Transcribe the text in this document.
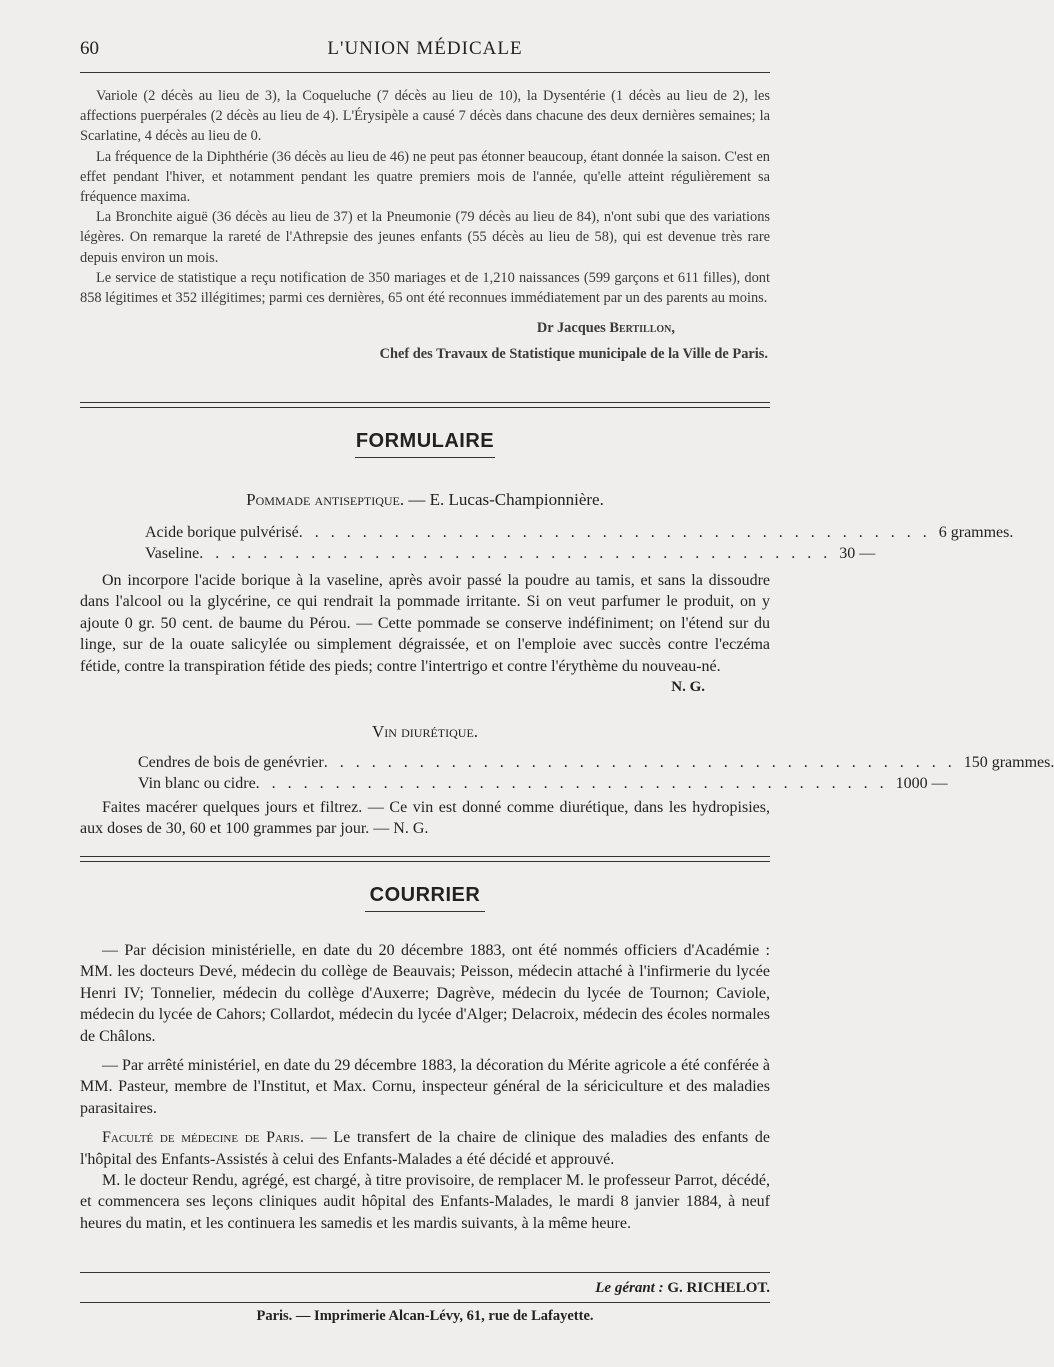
60	L'UNION MÉDICALE

Variole (2 décès au lieu de 3), la Coqueluche (7 décès au lieu de 10), la Dysentérie (1 décès au lieu de 2), les affections puerpérales (2 décès au lieu de 4). L'Érysipèle a causé 7 décès dans chacune des deux dernières semaines; la Scarlatine, 4 décès au lieu de 0.

La fréquence de la Diphthérie (36 décès au lieu de 46) ne peut pas étonner beaucoup, étant donnée la saison. C'est en effet pendant l'hiver, et notamment pendant les quatre premiers mois de l'année, qu'elle atteint régulièrement sa fréquence maxima.

La Bronchite aiguë (36 décès au lieu de 37) et la Pneumonie (79 décès au lieu de 84), n'ont subi que des variations légères. On remarque la rareté de l'Athrepsie des jeunes enfants (55 décès au lieu de 58), qui est devenue très rare depuis environ un mois.

Le service de statistique a reçu notification de 350 mariages et de 1,210 naissances (599 garçons et 611 filles), dont 858 légitimes et 352 illégitimes; parmi ces dernières, 65 ont été reconnues immédiatement par un des parents au moins.

Dr Jacques Bertillon,
Chef des Travaux de Statistique municipale de la Ville de Paris.
FORMULAIRE
Pommade antiseptique. — E. Lucas-Championnière.
Acide borique pulvérisé . . . . . . . . . . . . . . . . . . . . . . . . . . . . . . . . . . . . . . . . 6 grammes.
Vaseline . . . . . . . . . . . . . . . . . . . . . . . . . . . . . . . . . . . . . . . . 30 —

On incorpore l'acide borique à la vaseline, après avoir passé la poudre au tamis, et sans la dissoudre dans l'alcool ou la glycérine, ce qui rendrait la pommade irritante. Si on veut parfumer le produit, on y ajoute 0 gr. 50 cent. de baume du Pérou. — Cette pommade se conserve indéfiniment; on l'étend sur du linge, sur de la ouate salicylée ou simplement dégraissée, et on l'emploie avec succès contre l'eczéma fétide, contre la transpiration fétide des pieds; contre l'intertrigo et contre l'érythème du nouveau-né.

N. G.
Vin diurétique.
Cendres de bois de genévrier . . . . . . . . . . . . . . . . . . . . . . . . . . . . . . . . . . . . . . . . 150 grammes.
Vin blanc ou cidre . . . . . . . . . . . . . . . . . . . . . . . . . . . . . . . . . . . . . . . . 1000 —

Faites macérer quelques jours et filtrez. — Ce vin est donné comme diurétique, dans les hydropisies, aux doses de 30, 60 et 100 grammes par jour. — N. G.

COURRIER

— Par décision ministérielle, en date du 20 décembre 1883, ont été nommés officiers d'Académie : MM. les docteurs Devé, médecin du collège de Beauvais; Peisson, médecin attaché à l'infirmerie du lycée Henri IV; Tonnelier, médecin du collège d'Auxerre; Dagrève, médecin du lycée de Tournon; Caviole, médecin du lycée de Cahors; Collardot, médecin du lycée d'Alger; Delacroix, médecin des écoles normales de Châlons.

— Par arrêté ministériel, en date du 29 décembre 1883, la décoration du Mérite agricole a été conférée à MM. Pasteur, membre de l'Institut, et Max. Cornu, inspecteur général de la sériciculture et des maladies parasitaires.

Faculté de médecine de Paris. — Le transfert de la chaire de clinique des maladies des enfants de l'hôpital des Enfants-Assistés à celui des Enfants-Malades a été décidé et approuvé.

M. le docteur Rendu, agrégé, est chargé, à titre provisoire, de remplacer M. le professeur Parrot, décédé, et commencera ses leçons cliniques audit hôpital des Enfants-Malades, le mardi 8 janvier 1884, à neuf heures du matin, et les continuera les samedis et les mardis suivants, à la même heure.

Le gérant : G. RICHELOT.
Paris. — Imprimerie Alcan-Lévy, 61, rue de Lafayette.
